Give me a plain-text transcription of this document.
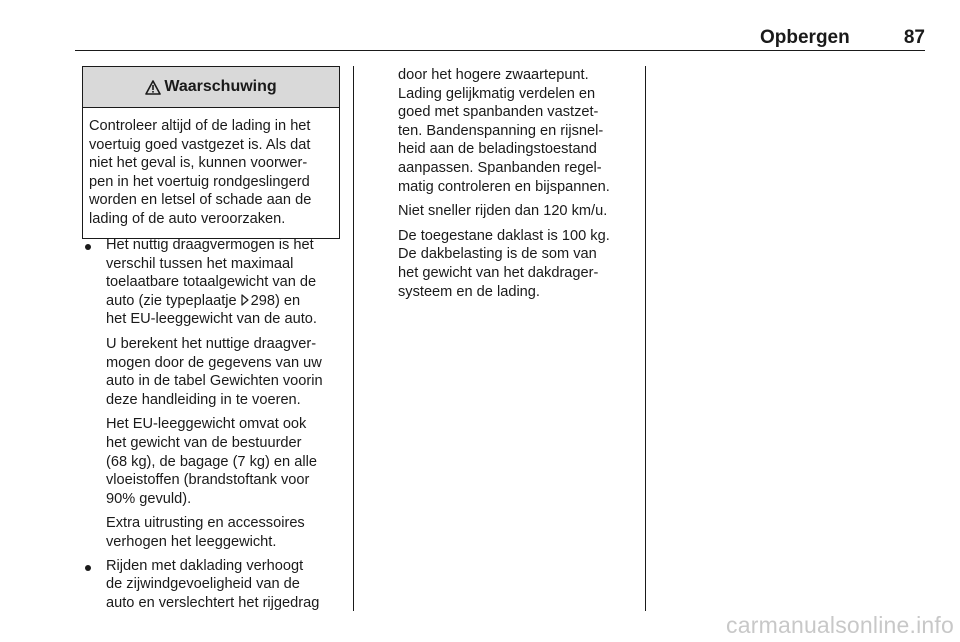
Opbergen	87
Waarschuwing

Controleer altijd of de lading in het

voertuig goed vastgezet is. Als dat

niet het geval is, kunnen voorwer-

pen in het voertuig rondgeslingerd

worden en letsel of schade aan de

lading of de auto veroorzaken.

Het nuttig draagvermogen is het

verschil tussen het maximaal

toelaatbare totaalgewicht van de

auto (zie typeplaatje 298) en

het EU-leeggewicht van de auto.

U berekent het nuttige draagver-

mogen door de gegevens van uw

auto in de tabel Gewichten voorin

deze handleiding in te voeren.

Het EU-leeggewicht omvat ook

het gewicht van de bestuurder

(68 kg), de bagage (7 kg) en alle

vloeistoffen (brandstoftank voor

90% gevuld).

Extra uitrusting en accessoires

verhogen het leeggewicht.

Rijden met daklading verhoogt

de zijwindgevoeligheid van de

auto en verslechtert het rijgedrag

door het hogere zwaartepunt.

Lading gelijkmatig verdelen en

goed met spanbanden vastzet-

ten. Bandenspanning en rijsnel-

heid aan de beladingstoestand

aanpassen. Spanbanden regel-

matig controleren en bijspannen.

Niet sneller rijden dan 120 km/u.

De toegestane daklast is 100 kg.

De dakbelasting is de som van

het gewicht van het dakdrager-

systeem en de lading.

carmanualsonline.info
